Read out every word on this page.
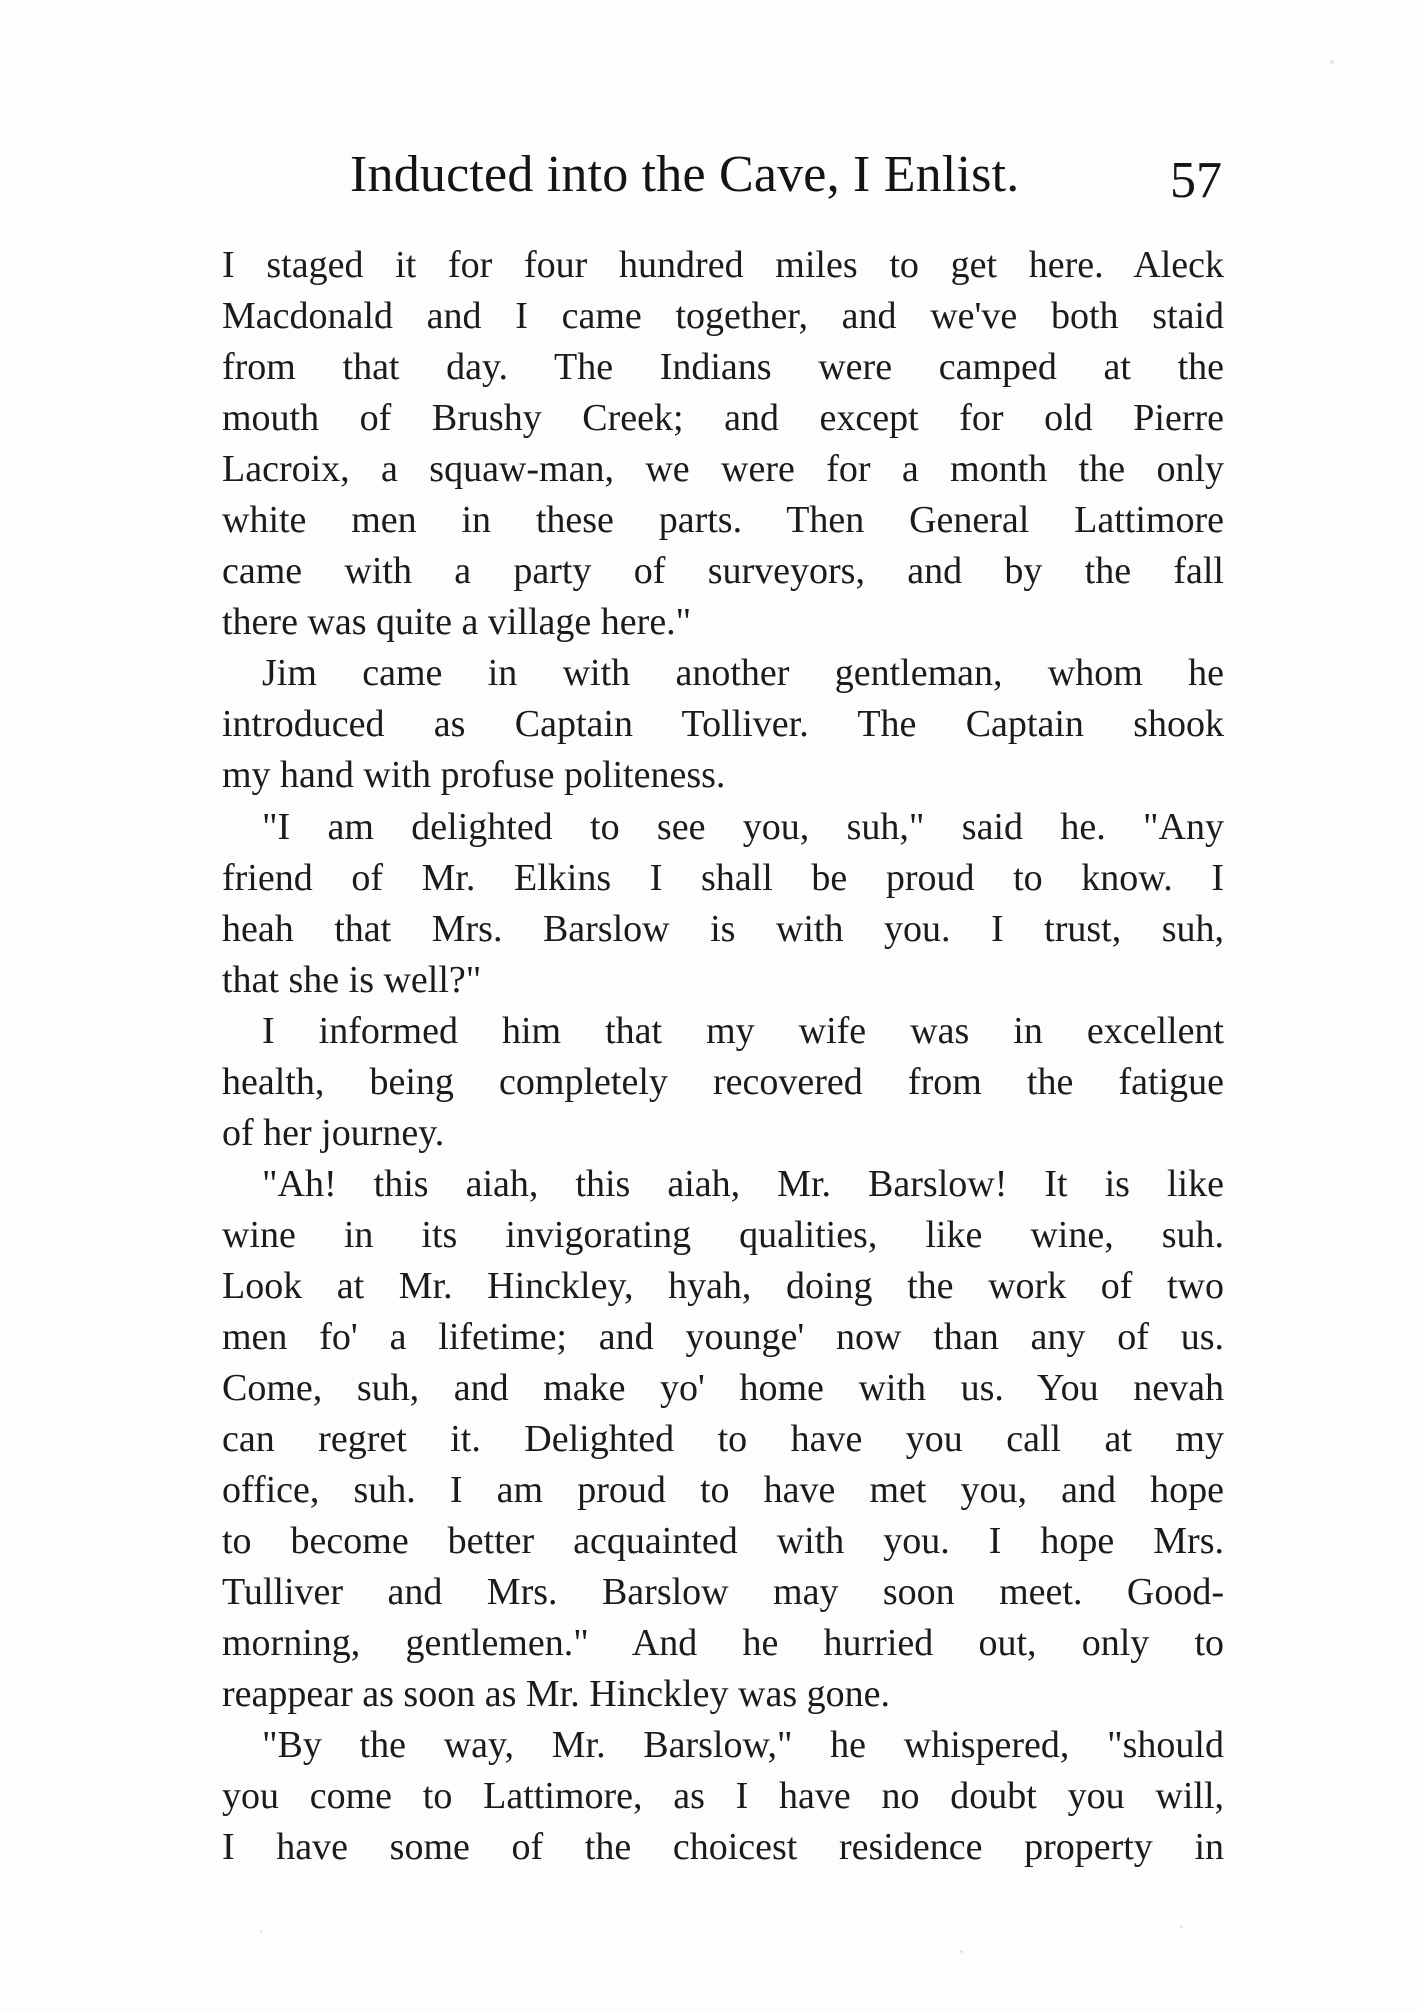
Inducted into the Cave, I Enlist.	57
I staged it for four hundred miles to get here. Aleck
Macdonald and I came together, and we've both staid
from that day. The Indians were camped at the
mouth of Brushy Creek; and except for old Pierre
Lacroix, a squaw-man, we were for a month the only
white men in these parts. Then General Lattimore
came with a party of surveyors, and by the fall
there was quite a village here."
Jim came in with another gentleman, whom he
introduced as Captain Tolliver. The Captain shook
my hand with profuse politeness.
"I am delighted to see you, suh," said he. "Any
friend of Mr. Elkins I shall be proud to know. I
heah that Mrs. Barslow is with you. I trust, suh,
that she is well?"
I informed him that my wife was in excellent
health, being completely recovered from the fatigue
of her journey.
"Ah! this aiah, this aiah, Mr. Barslow! It is like
wine in its invigorating qualities, like wine, suh.
Look at Mr. Hinckley, hyah, doing the work of two
men fo' a lifetime; and younge' now than any of us.
Come, suh, and make yo' home with us. You nevah
can regret it. Delighted to have you call at my
office, suh. I am proud to have met you, and hope
to become better acquainted with you. I hope Mrs.
Tulliver and Mrs. Barslow may soon meet. Good-
morning, gentlemen." And he hurried out, only to
reappear as soon as Mr. Hinckley was gone.
"By the way, Mr. Barslow," he whispered, "should
you come to Lattimore, as I have no doubt you will,
I have some of the choicest residence property in
